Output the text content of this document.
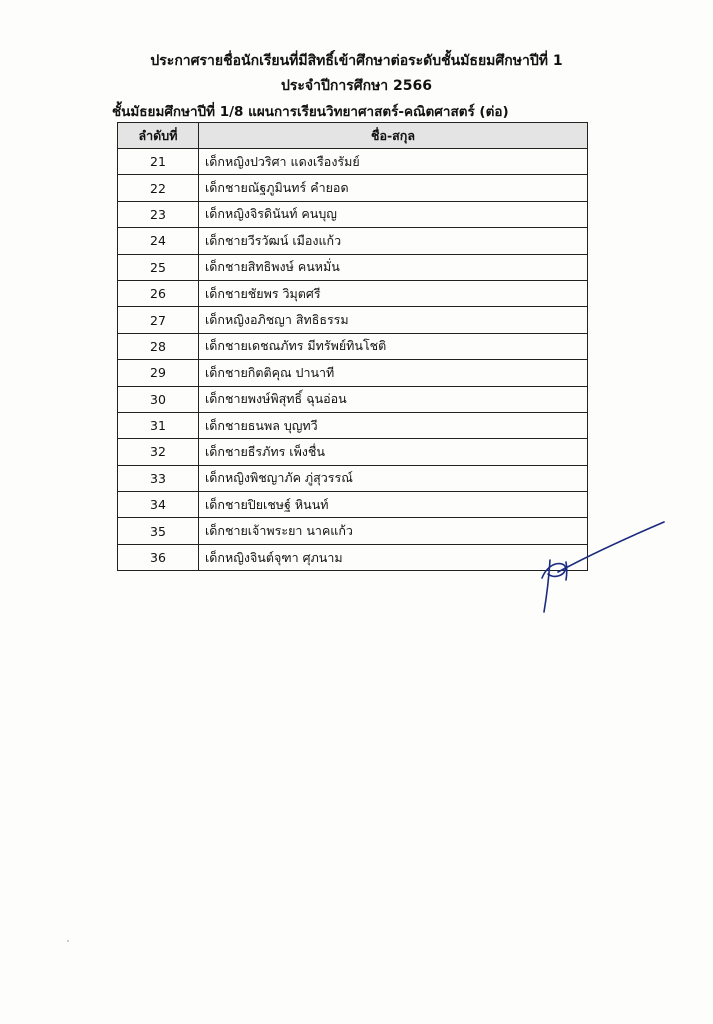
ประกาศรายชื่อนักเรียนที่มีสิทธิ์เข้าศึกษาต่อระดับชั้นมัธยมศึกษาปีที่ 1
ประจำปีการศึกษา 2566
ชั้นมัธยมศึกษาปีที่ 1/8 แผนการเรียนวิทยาศาสตร์-คณิตศาสตร์ (ต่อ)
ลำดับที่	ชื่อ-สกุล
21	เด็กหญิงปวริศา แดงเรืองรัมย์
22	เด็กชายณัฐภูมินทร์ คำยอด
23	เด็กหญิงจิรดินันท์ คนบุญ
24	เด็กชายวีรวัฒน์ เมืองแก้ว
25	เด็กชายสิทธิพงษ์ คนหมั่น
26	เด็กชายชัยพร วิมุตศรี
27	เด็กหญิงอภิชญา สิทธิธรรม
28	เด็กชายเดชณภัทร มีทรัพย์ทินโชติ
29	เด็กชายกิตติคุณ ปานาที
30	เด็กชายพงษ์พิสุทธิ์ ฉุนอ่อน
31	เด็กชายธนพล บุญทวี
32	เด็กชายธีรภัทร เพ็งชื่น
33	เด็กหญิงพิชญาภัค ภู่สุวรรณ์
34	เด็กชายปิยเชษฐ์ หินนท์
35	เด็กชายเจ้าพระยา นาคแก้ว
36	เด็กหญิงจินต์จุฑา ศุภนาม
